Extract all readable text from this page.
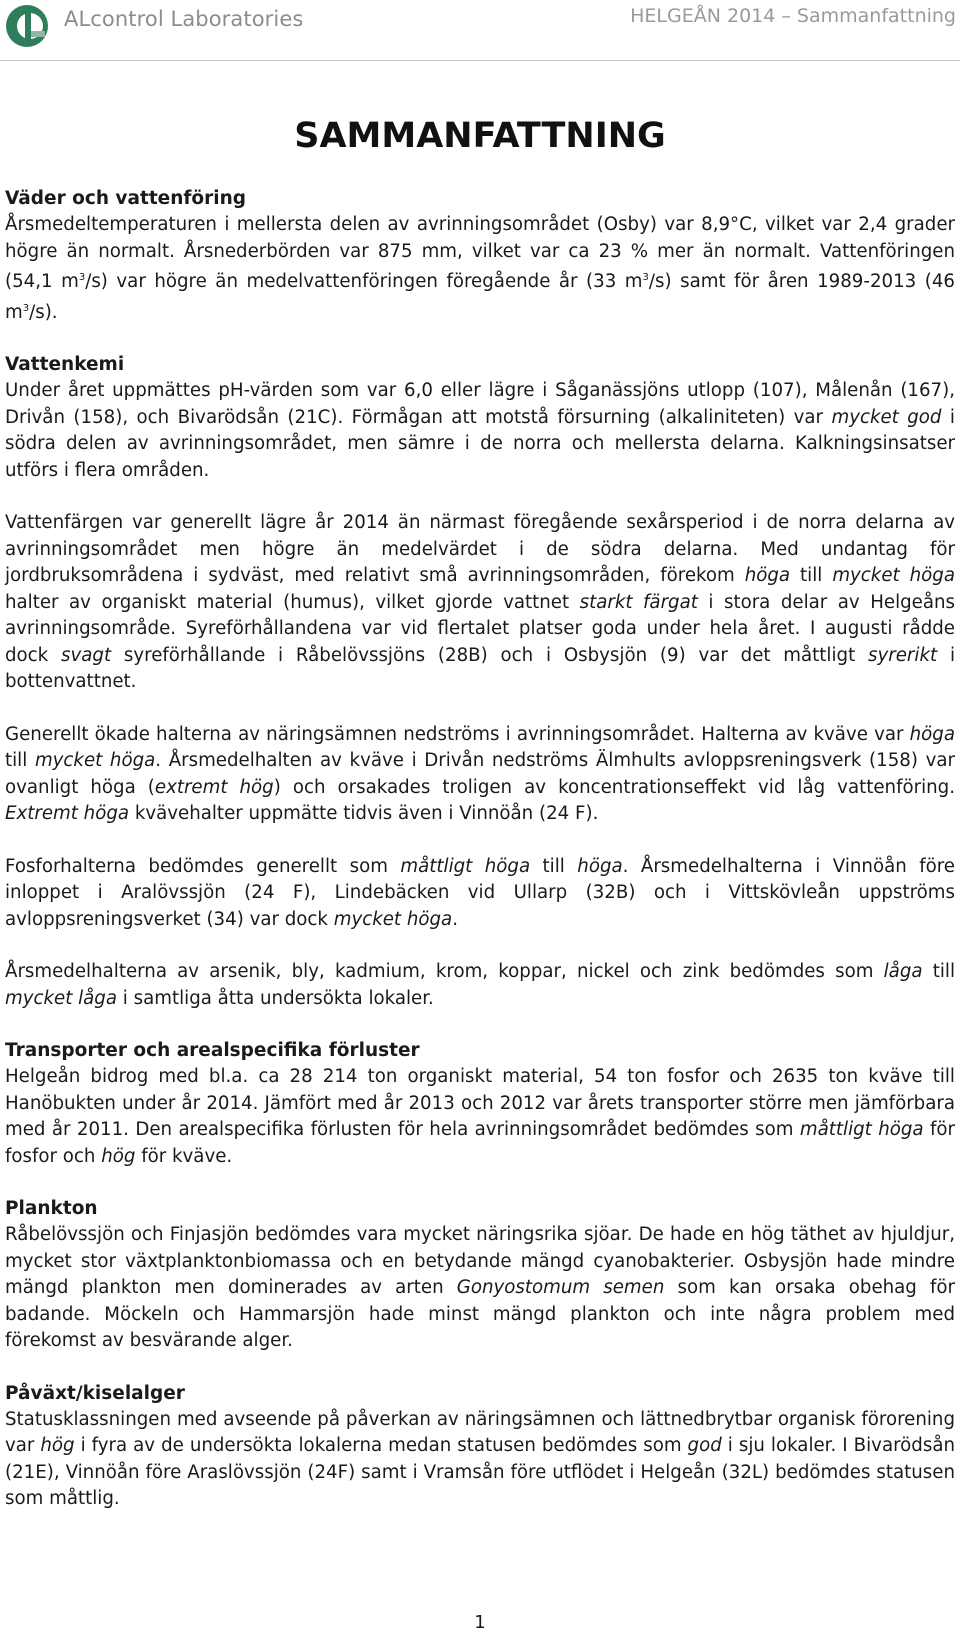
ALcontrol Laboratories	HELGEÅN 2014 – Sammanfattning
SAMMANFATTNING
Väder och vattenföring

Årsmedeltemperaturen i mellersta delen av avrinningsområdet (Osby) var 8,9°C, vilket var 2,4 grader högre än normalt. Årsnederbörden var 875 mm, vilket var ca 23 % mer än normalt. Vattenföringen (54,1 $m^3/s$) var högre än medelvattenföringen föregående år (33 $m^3/s$) samt för åren 1989-2013 (46 $m^3/s$).

Vattenkemi

Under året uppmättes pH-värden som var 6,0 eller lägre i Såganässjöns utlopp (107), Målenån (167), Drivån (158), och Bivarödsån (21C). Förmågan att motstå försurning (alkaliniteten) var mycket god i södra delen av avrinningsområdet, men sämre i de norra och mellersta delarna. Kalkningsinsatser utförs i flera områden.

Vattenfärgen var generellt lägre år 2014 än närmast föregående sexårsperiod i de norra delarna av avrinningsområdet men högre än medelvärdet i de södra delarna. Med undantag för jordbruksområdena i sydväst, med relativt små avrinningsområden, förekom höga till mycket höga halter av organiskt material (humus), vilket gjorde vattnet starkt färgat i stora delar av Helgeåns avrinningsområde. Syreförhållandena var vid flertalet platser goda under hela året. I augusti rådde dock svagt syreförhållande i Råbelövssjöns (28B) och i Osbysjön (9) var det måttligt syrerikt i bottenvattnet.

Generellt ökade halterna av näringsämnen nedströms i avrinningsområdet. Halterna av kväve var höga till mycket höga. Årsmedelhalten av kväve i Drivån nedströms Älmhults avloppsreningsverk (158) var ovanligt höga (extremt hög) och orsakades troligen av koncentrationseffekt vid låg vattenföring. Extremt höga kvävehalter uppmätte tidvis även i Vinnöån (24 F).

Fosforhalterna bedömdes generellt som måttligt höga till höga. Årsmedelhalterna i Vinnöån före inloppet i Aralövssjön (24 F), Lindebäcken vid Ullarp (32B) och i Vittskövleån uppströms avloppsreningsverket (34) var dock mycket höga.

Årsmedelhalterna av arsenik, bly, kadmium, krom, koppar, nickel och zink bedömdes som låga till mycket låga i samtliga åtta undersökta lokaler.

Transporter och arealspecifika förluster

Helgeån bidrog med bl.a. ca 28 214 ton organiskt material, 54 ton fosfor och 2635 ton kväve till Hanöbukten under år 2014. Jämfört med år 2013 och 2012 var årets transporter större men jämförbara med år 2011. Den arealspecifika förlusten för hela avrinningsområdet bedömdes som måttligt höga för fosfor och hög för kväve.

Plankton

Råbelövssjön och Finjasjön bedömdes vara mycket näringsrika sjöar. De hade en hög täthet av hjuldjur, mycket stor växtplanktonbiomassa och en betydande mängd cyanobakterier. Osbysjön hade mindre mängd plankton men dominerades av arten Gonyostomum semen som kan orsaka obehag för badande. Möckeln och Hammarsjön hade minst mängd plankton och inte några problem med förekomst av besvärande alger.

Påväxt/kiselalger

Statusklassningen med avseende på påverkan av näringsämnen och lättnedbrytbar organisk förorening var hög i fyra av de undersökta lokalerna medan statusen bedömdes som god i sju lokaler. I Bivarödsån (21E), Vinnöån före Araslövssjön (24F) samt i Vramsån före utflödet i Helgeån (32L) bedömdes statusen som måttlig.

1
